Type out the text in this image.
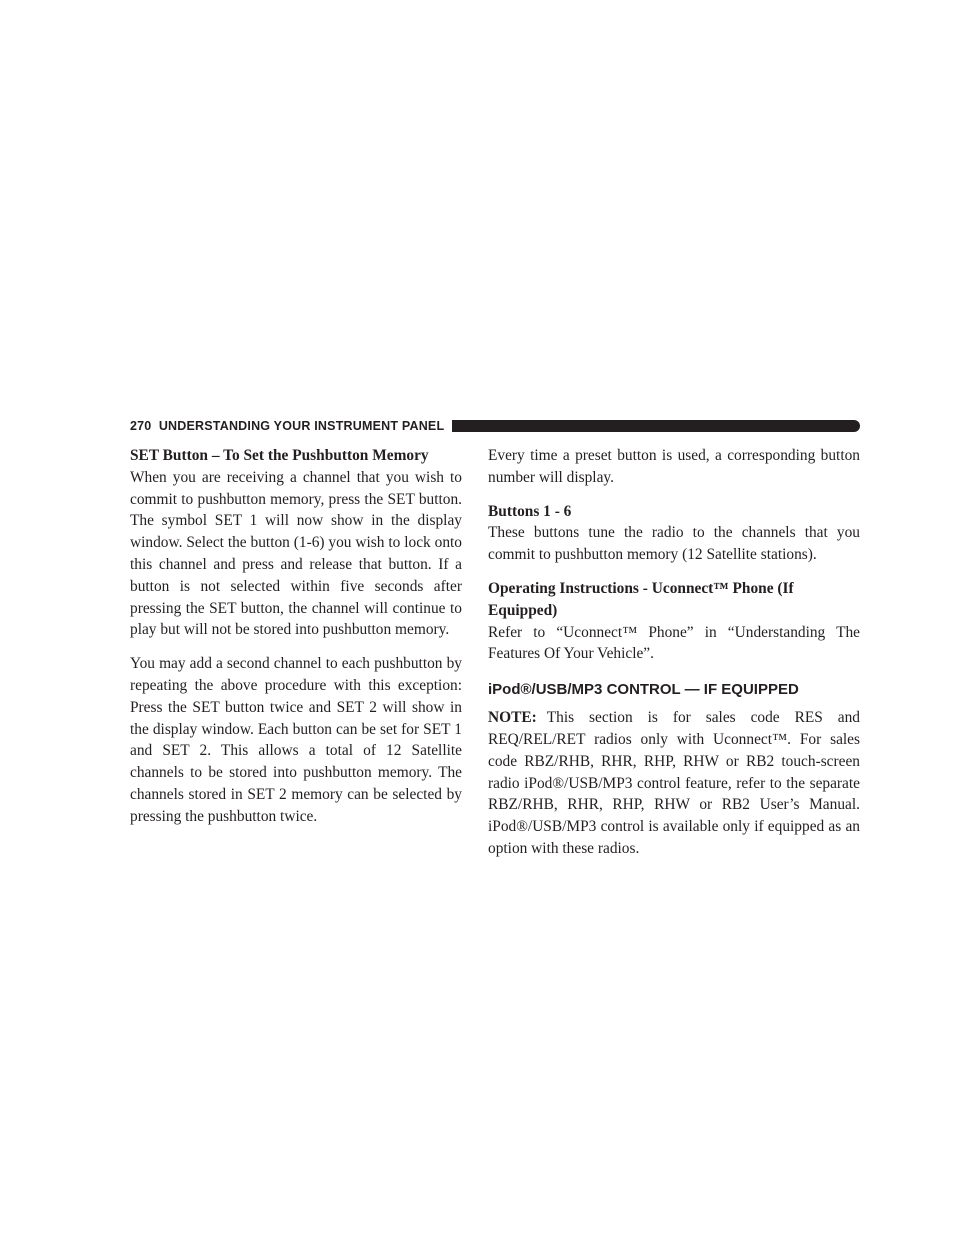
270 UNDERSTANDING YOUR INSTRUMENT PANEL
SET Button – To Set the Pushbutton Memory

When you are receiving a channel that you wish to commit to pushbutton memory, press the SET button. The symbol SET 1 will now show in the display window. Select the button (1-6) you wish to lock onto this channel and press and release that button. If a button is not selected within five seconds after pressing the SET button, the channel will continue to play but will not be stored into pushbutton memory.

You may add a second channel to each pushbutton by repeating the above procedure with this exception: Press the SET button twice and SET 2 will show in the display window. Each button can be set for SET 1 and SET 2. This allows a total of 12 Satellite channels to be stored into pushbutton memory. The channels stored in SET 2 memory can be selected by pressing the pushbutton twice.

Every time a preset button is used, a corresponding button number will display.

Buttons 1 - 6

These buttons tune the radio to the channels that you commit to pushbutton memory (12 Satellite stations).

Operating Instructions - Uconnect™ Phone (If Equipped)

Refer to “Uconnect™ Phone” in “Understanding The Features Of Your Vehicle”.

iPod®/USB/MP3 CONTROL — IF EQUIPPED

NOTE: This section is for sales code RES and REQ/REL/RET radios only with Uconnect™. For sales code RBZ/RHB, RHR, RHP, RHW or RB2 touch-screen radio iPod®/USB/MP3 control feature, refer to the separate RBZ/RHB, RHR, RHP, RHW or RB2 User’s Manual. iPod®/USB/MP3 control is available only if equipped as an option with these radios.
